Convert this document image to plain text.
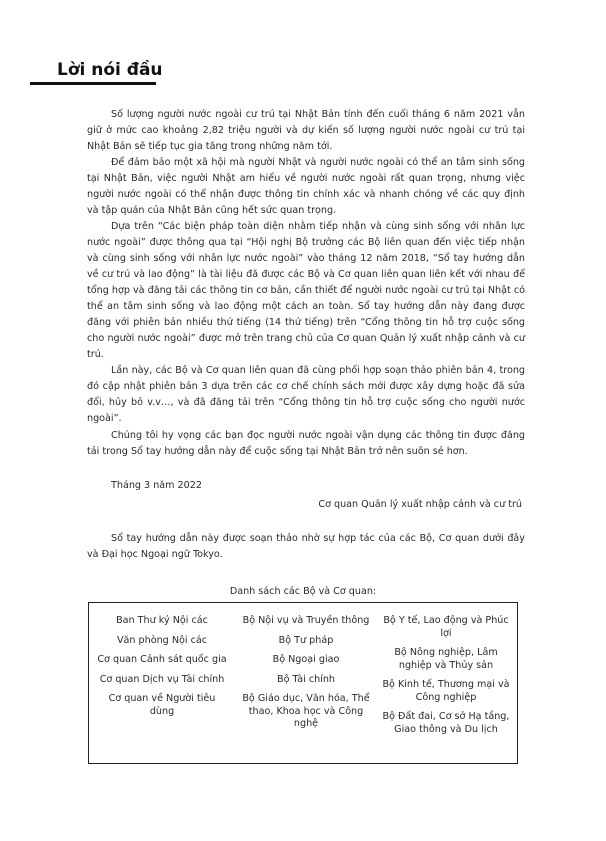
Lời nói đầu

Số lượng người nước ngoài cư trú tại Nhật Bản tính đến cuối tháng 6 năm 2021 vẫn giữ ở mức cao khoảng 2,82 triệu người và dự kiến số lượng người nước ngoài cư trú tại Nhật Bản sẽ tiếp tục gia tăng trong những năm tới.

Để đảm bảo một xã hội mà người Nhật và người nước ngoài có thể an tâm sinh sống tại Nhật Bản, việc người Nhật am hiểu về người nước ngoài rất quan trọng, nhưng việc người nước ngoài có thể nhận được thông tin chính xác và nhanh chóng về các quy định và tập quán của Nhật Bản cũng hết sức quan trọng.

Dựa trên “Các biện pháp toàn diện nhằm tiếp nhận và cùng sinh sống với nhân lực nước ngoài” được thông qua tại “Hội nghị Bộ trưởng các Bộ liên quan đến việc tiếp nhận và cùng sinh sống với nhân lực nước ngoài” vào tháng 12 năm 2018, “Sổ tay hướng dẫn về cư trú và lao động” là tài liệu đã được các Bộ và Cơ quan liên quan liên kết với nhau để tổng hợp và đăng tải các thông tin cơ bản, cần thiết để người nước ngoài cư trú tại Nhật có thể an tâm sinh sống và lao động một cách an toàn. Sổ tay hướng dẫn này đang được đăng với phiên bản nhiều thứ tiếng (14 thứ tiếng) trên “Cổng thông tin hỗ trợ cuộc sống cho người nước ngoài” được mở trên trang chủ của Cơ quan Quản lý xuất nhập cảnh và cư trú.

Lần này, các Bộ và Cơ quan liên quan đã cùng phối hợp soạn thảo phiên bản 4, trong đó cập nhật phiên bản 3 dựa trên các cơ chế chính sách mới được xây dựng hoặc đã sửa đổi, hủy bỏ v.v…, và đã đăng tải trên “Cổng thông tin hỗ trợ cuộc sống cho người nước ngoài”.

Chúng tôi hy vọng các bạn đọc người nước ngoài vận dụng các thông tin được đăng tải trong Sổ tay hướng dẫn này để cuộc sống tại Nhật Bản trở nên suôn sẻ hơn.

Tháng 3 năm 2022
Cơ quan Quản lý xuất nhập cảnh và cư trú

Sổ tay hướng dẫn này được soạn thảo nhờ sự hợp tác của các Bộ, Cơ quan dưới đây và Đại học Ngoại ngữ Tokyo.

Danh sách các Bộ và Cơ quan:
Ban Thư ký Nội các
Văn phòng Nội các
Cơ quan Cảnh sát quốc gia
Cơ quan Dịch vụ Tài chính
Cơ quan về Người tiêu dùng
Bộ Nội vụ và Truyền thông
Bộ Tư pháp
Bộ Ngoại giao
Bộ Tài chính
Bộ Giáo dục, Văn hóa, Thể thao, Khoa học và Công nghệ
Bộ Y tế, Lao động và Phúc lợi
Bộ Nông nghiệp, Lâm nghiệp và Thủy sản
Bộ Kinh tế, Thương mại và Công nghiệp
Bộ Đất đai, Cơ sở Hạ tầng, Giao thông và Du lịch
